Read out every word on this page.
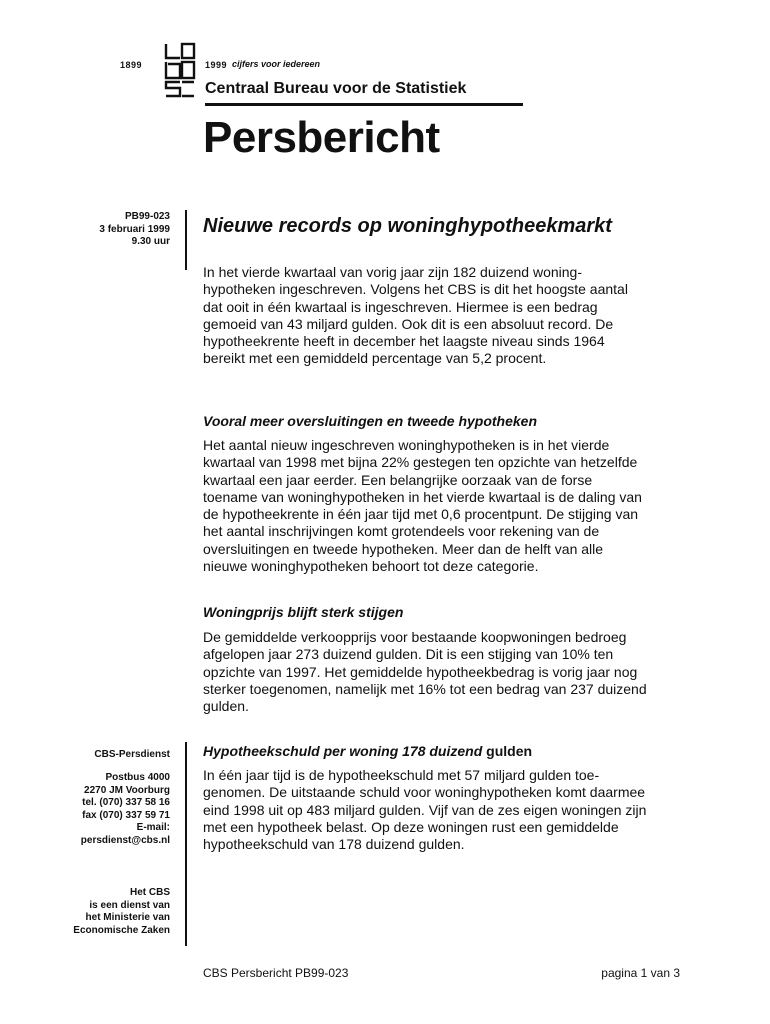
1899	1999 cijfers voor iedereen
Centraal Bureau voor de Statistiek
Persbericht
PB99-023
3 februari 1999
9.30 uur
Nieuwe records op woninghypotheekmarkt
In het vierde kwartaal van vorig jaar zijn 182 duizend woning-
hypotheken ingeschreven. Volgens het CBS is dit het hoogste aantal
dat ooit in één kwartaal is ingeschreven. Hiermee is een bedrag
gemoeid van 43 miljard gulden. Ook dit is een absoluut record. De
hypotheekrente heeft in december het laagste niveau sinds 1964
bereikt met een gemiddeld percentage van 5,2 procent.
Vooral meer oversluitingen en tweede hypotheken
Het aantal nieuw ingeschreven woninghypotheken is in het vierde
kwartaal van 1998 met bijna 22% gestegen ten opzichte van hetzelfde
kwartaal een jaar eerder. Een belangrijke oorzaak van de forse
toename van woninghypotheken in het vierde kwartaal is de daling van
de hypotheekrente in één jaar tijd met 0,6 procentpunt. De stijging van
het aantal inschrijvingen komt grotendeels voor rekening van de
oversluitingen en tweede hypotheken. Meer dan de helft van alle
nieuwe woninghypotheken behoort tot deze categorie.
Woningprijs blijft sterk stijgen
De gemiddelde verkoopprijs voor bestaande koopwoningen bedroeg
afgelopen jaar 273 duizend gulden. Dit is een stijging van 10% ten
opzichte van 1997. Het gemiddelde hypotheekbedrag is vorig jaar nog
sterker toegenomen, namelijk met 16% tot een bedrag van 237 duizend
gulden.
Hypotheekschuld per woning 178 duizend gulden
In één jaar tijd is de hypotheekschuld met 57 miljard gulden toe-
genomen. De uitstaande schuld voor woninghypotheken komt daarmee
eind 1998 uit op 483 miljard gulden. Vijf van de zes eigen woningen zijn
met een hypotheek belast. Op deze woningen rust een gemiddelde
hypotheekschuld van 178 duizend gulden.
CBS-Persdienst
Postbus 4000
2270 JM Voorburg
tel. (070) 337 58 16
fax (070) 337 59 71
E-mail:
persdienst@cbs.nl
Het CBS
is een dienst van
het Ministerie van
Economische Zaken
CBS Persbericht PB99-023	pagina 1 van 3
